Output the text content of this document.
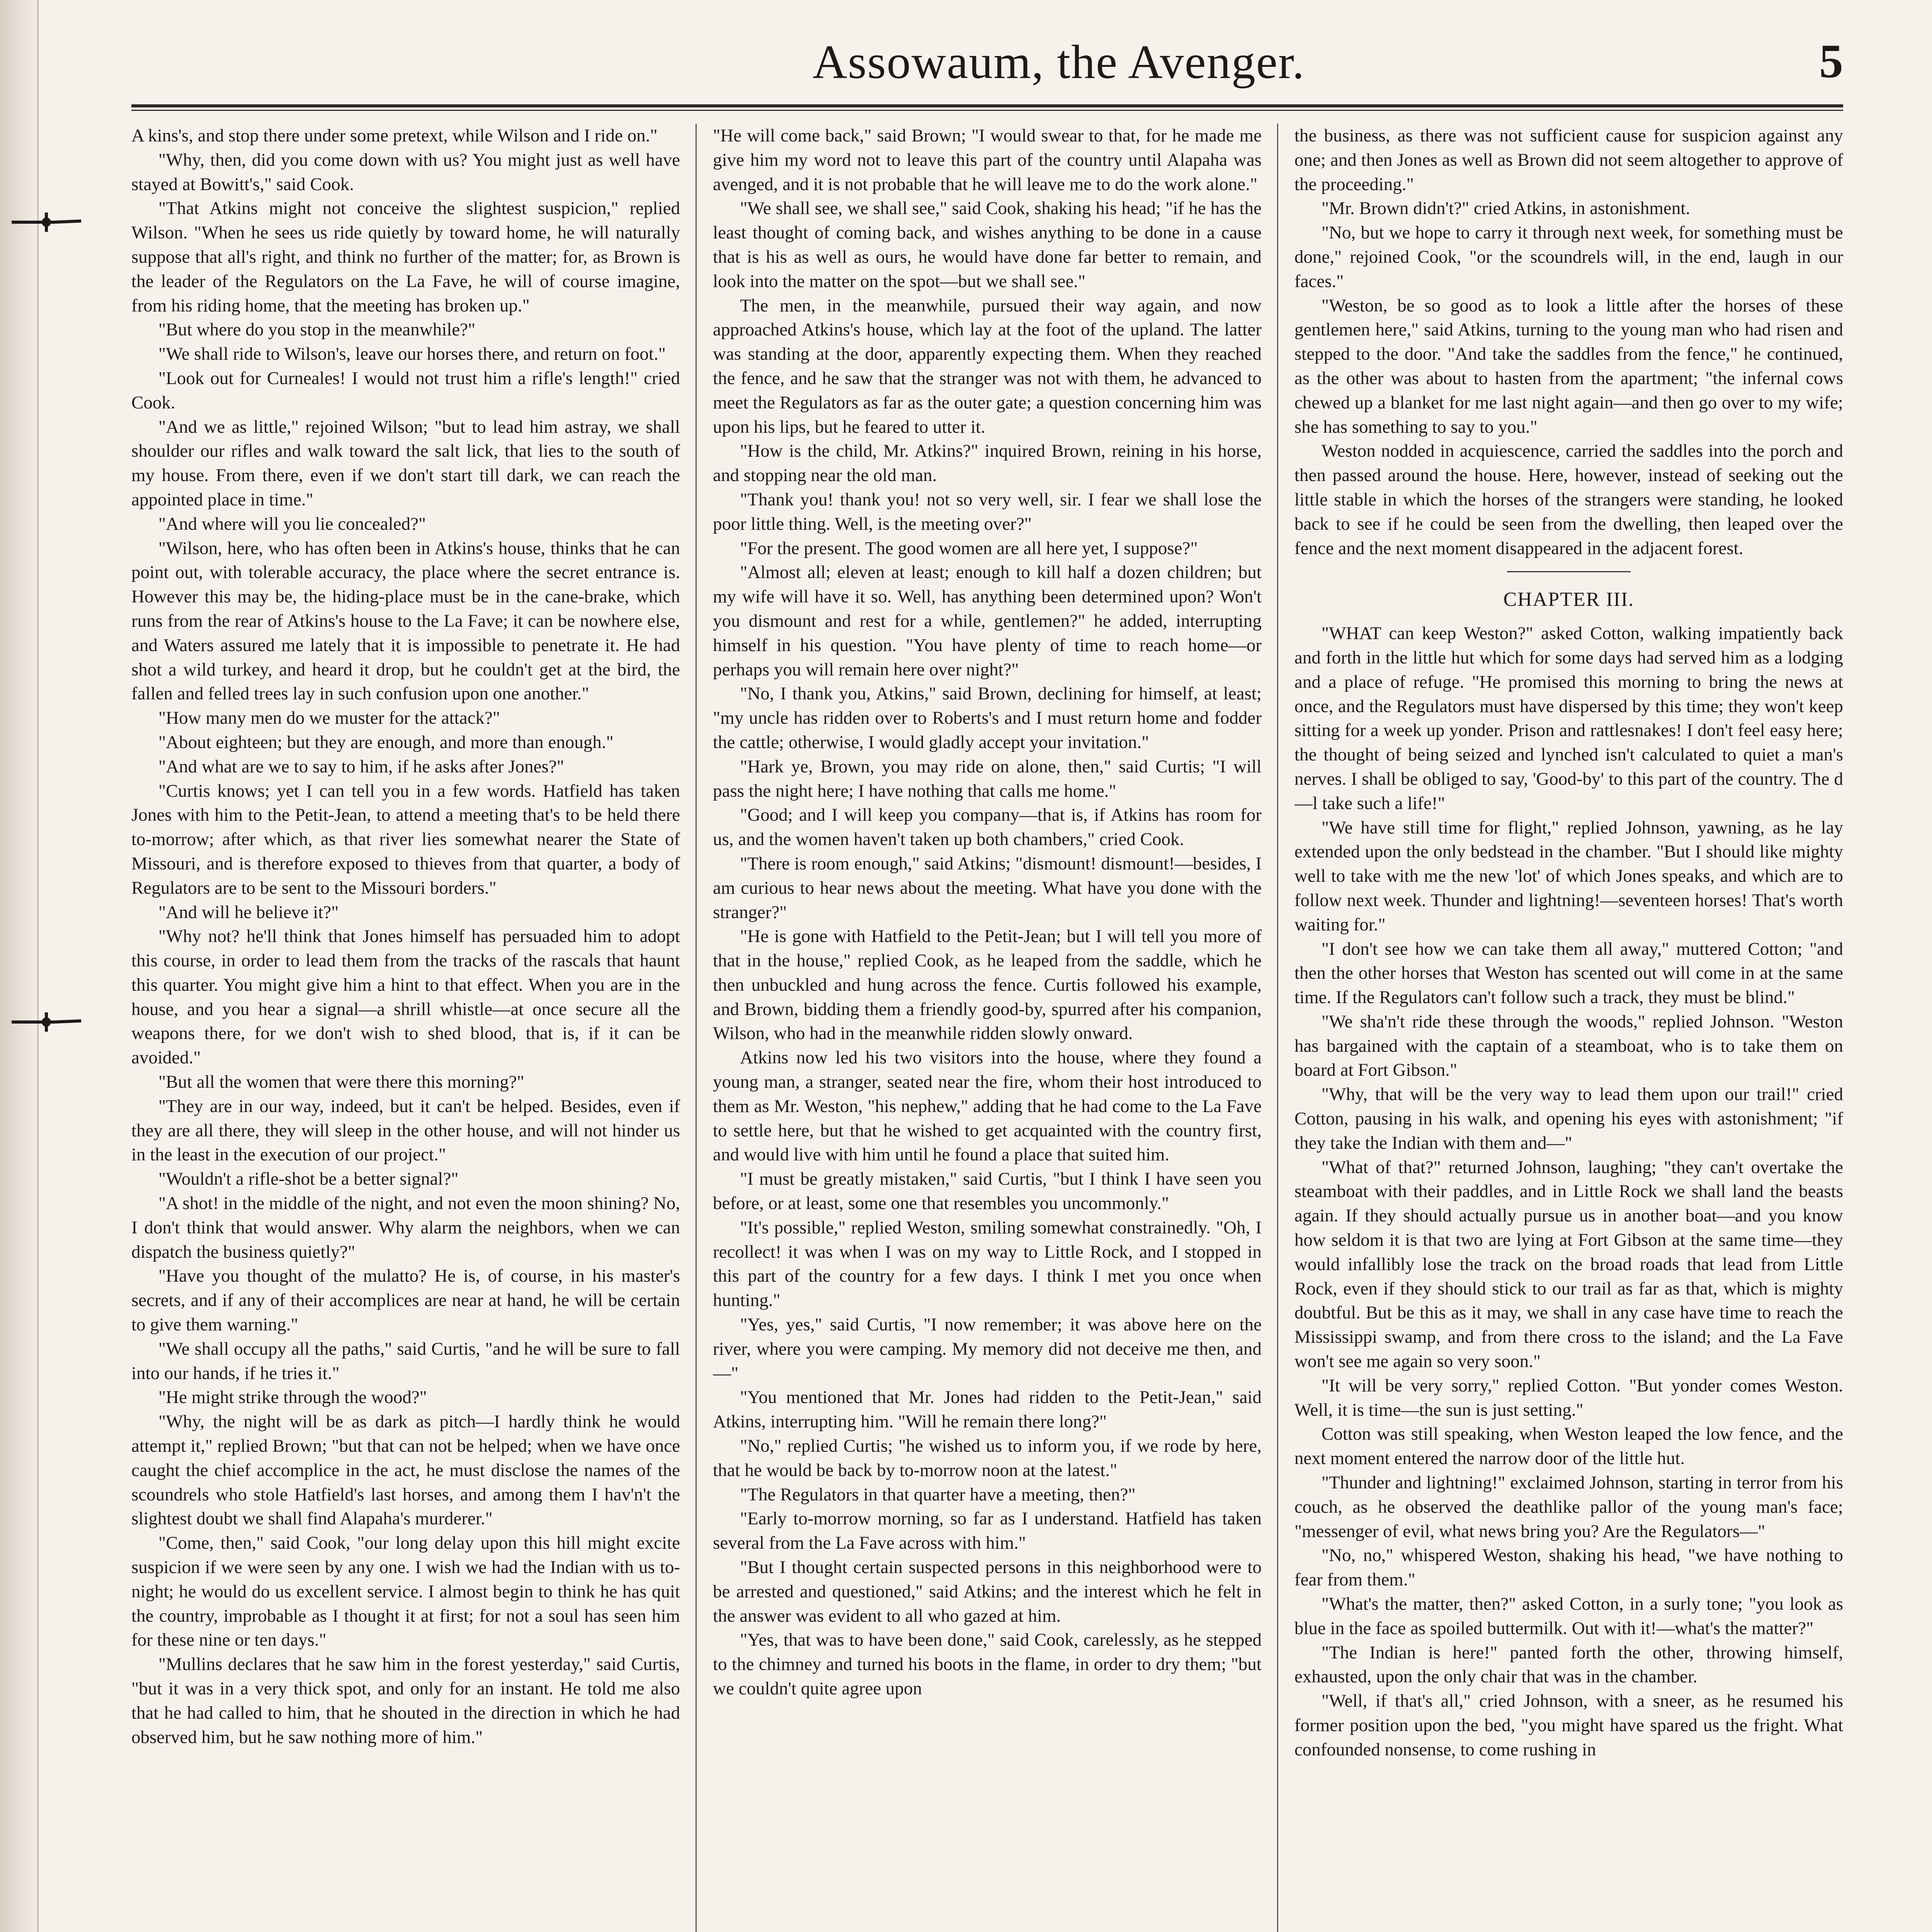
Assowaum, the Avenger.	5

A kins's, and stop there under some pretext, while Wilson and I ride on."

"Why, then, did you come down with us? You might just as well have stayed at Bowitt's," said Cook.

"That Atkins might not conceive the slightest suspicion," replied Wilson. "When he sees us ride quietly by toward home, he will naturally suppose that all's right, and think no further of the matter; for, as Brown is the leader of the Regulators on the La Fave, he will of course imagine, from his riding home, that the meeting has broken up."

"But where do you stop in the meanwhile?"

"We shall ride to Wilson's, leave our horses there, and return on foot."

"Look out for Curneales! I would not trust him a rifle's length!" cried Cook.

"And we as little," rejoined Wilson; "but to lead him astray, we shall shoulder our rifles and walk toward the salt lick, that lies to the south of my house. From there, even if we don't start till dark, we can reach the appointed place in time."

"And where will you lie concealed?"

"Wilson, here, who has often been in Atkins's house, thinks that he can point out, with tolerable accuracy, the place where the secret entrance is. However this may be, the hiding-place must be in the cane-brake, which runs from the rear of Atkins's house to the La Fave; it can be nowhere else, and Waters assured me lately that it is impossible to penetrate it. He had shot a wild turkey, and heard it drop, but he couldn't get at the bird, the fallen and felled trees lay in such confusion upon one another."

"How many men do we muster for the attack?"

"About eighteen; but they are enough, and more than enough."

"And what are we to say to him, if he asks after Jones?"

"Curtis knows; yet I can tell you in a few words. Hatfield has taken Jones with him to the Petit-Jean, to attend a meeting that's to be held there to-morrow; after which, as that river lies somewhat nearer the State of Missouri, and is therefore exposed to thieves from that quarter, a body of Regulators are to be sent to the Missouri borders."

"And will he believe it?"

"Why not? he'll think that Jones himself has persuaded him to adopt this course, in order to lead them from the tracks of the rascals that haunt this quarter. You might give him a hint to that effect. When you are in the house, and you hear a signal—a shrill whistle—at once secure all the weapons there, for we don't wish to shed blood, that is, if it can be avoided."

"But all the women that were there this morning?"

"They are in our way, indeed, but it can't be helped. Besides, even if they are all there, they will sleep in the other house, and will not hinder us in the least in the execution of our project."

"Wouldn't a rifle-shot be a better signal?"

"A shot! in the middle of the night, and not even the moon shining? No, I don't think that would answer. Why alarm the neighbors, when we can dispatch the business quietly?"

"Have you thought of the mulatto? He is, of course, in his master's secrets, and if any of their accomplices are near at hand, he will be certain to give them warning."

"We shall occupy all the paths," said Curtis, "and he will be sure to fall into our hands, if he tries it."

"He might strike through the wood?"

"Why, the night will be as dark as pitch—I hardly think he would attempt it," replied Brown; "but that can not be helped; when we have once caught the chief accomplice in the act, he must disclose the names of the scoundrels who stole Hatfield's last horses, and among them I hav'n't the slightest doubt we shall find Alapaha's murderer."

"Come, then," said Cook, "our long delay upon this hill might excite suspicion if we were seen by any one. I wish we had the Indian with us to-night; he would do us excellent service. I almost begin to think he has quit the country, improbable as I thought it at first; for not a soul has seen him for these nine or ten days."

"Mullins declares that he saw him in the forest yesterday," said Curtis, "but it was in a very thick spot, and only for an instant. He told me also that he had called to him, that he shouted in the direction in which he had observed him, but he saw nothing more of him."

"He will come back," said Brown; "I would swear to that, for he made me give him my word not to leave this part of the country until Alapaha was avenged, and it is not probable that he will leave me to do the work alone."

"We shall see, we shall see," said Cook, shaking his head; "if he has the least thought of coming back, and wishes anything to be done in a cause that is his as well as ours, he would have done far better to remain, and look into the matter on the spot—but we shall see."

The men, in the meanwhile, pursued their way again, and now approached Atkins's house, which lay at the foot of the upland. The latter was standing at the door, apparently expecting them. When they reached the fence, and he saw that the stranger was not with them, he advanced to meet the Regulators as far as the outer gate; a question concerning him was upon his lips, but he feared to utter it.

"How is the child, Mr. Atkins?" inquired Brown, reining in his horse, and stopping near the old man.

"Thank you! thank you! not so very well, sir. I fear we shall lose the poor little thing. Well, is the meeting over?"

"For the present. The good women are all here yet, I suppose?"

"Almost all; eleven at least; enough to kill half a dozen children; but my wife will have it so. Well, has anything been determined upon? Won't you dismount and rest for a while, gentlemen?" he added, interrupting himself in his question. "You have plenty of time to reach home—or perhaps you will remain here over night?"

"No, I thank you, Atkins," said Brown, declining for himself, at least; "my uncle has ridden over to Roberts's and I must return home and fodder the cattle; otherwise, I would gladly accept your invitation."

"Hark ye, Brown, you may ride on alone, then," said Curtis; "I will pass the night here; I have nothing that calls me home."

"Good; and I will keep you company—that is, if Atkins has room for us, and the women haven't taken up both chambers," cried Cook.

"There is room enough," said Atkins; "dismount! dismount!—besides, I am curious to hear news about the meeting. What have you done with the stranger?"

"He is gone with Hatfield to the Petit-Jean; but I will tell you more of that in the house," replied Cook, as he leaped from the saddle, which he then unbuckled and hung across the fence. Curtis followed his example, and Brown, bidding them a friendly good-by, spurred after his companion, Wilson, who had in the meanwhile ridden slowly onward.

Atkins now led his two visitors into the house, where they found a young man, a stranger, seated near the fire, whom their host introduced to them as Mr. Weston, "his nephew," adding that he had come to the La Fave to settle here, but that he wished to get acquainted with the country first, and would live with him until he found a place that suited him.

"I must be greatly mistaken," said Curtis, "but I think I have seen you before, or at least, some one that resembles you uncommonly."

"It's possible," replied Weston, smiling somewhat constrainedly. "Oh, I recollect! it was when I was on my way to Little Rock, and I stopped in this part of the country for a few days. I think I met you once when hunting."

"Yes, yes," said Curtis, "I now remember; it was above here on the river, where you were camping. My memory did not deceive me then, and—"

"You mentioned that Mr. Jones had ridden to the Petit-Jean," said Atkins, interrupting him. "Will he remain there long?"

"No," replied Curtis; "he wished us to inform you, if we rode by here, that he would be back by to-morrow noon at the latest."

"The Regulators in that quarter have a meeting, then?"

"Early to-morrow morning, so far as I understand. Hatfield has taken several from the La Fave across with him."

"But I thought certain suspected persons in this neighborhood were to be arrested and questioned," said Atkins; and the interest which he felt in the answer was evident to all who gazed at him.

"Yes, that was to have been done," said Cook, carelessly, as he stepped to the chimney and turned his boots in the flame, in order to dry them; "but we couldn't quite agree upon

the business, as there was not sufficient cause for suspicion against any one; and then Jones as well as Brown did not seem altogether to approve of the proceeding."

"Mr. Brown didn't?" cried Atkins, in astonishment.

"No, but we hope to carry it through next week, for something must be done," rejoined Cook, "or the scoundrels will, in the end, laugh in our faces."

"Weston, be so good as to look a little after the horses of these gentlemen here," said Atkins, turning to the young man who had risen and stepped to the door. "And take the saddles from the fence," he continued, as the other was about to hasten from the apartment; "the infernal cows chewed up a blanket for me last night again—and then go over to my wife; she has something to say to you."

Weston nodded in acquiescence, carried the saddles into the porch and then passed around the house. Here, however, instead of seeking out the little stable in which the horses of the strangers were standing, he looked back to see if he could be seen from the dwelling, then leaped over the fence and the next moment disappeared in the adjacent forest.

CHAPTER III.

"WHAT can keep Weston?" asked Cotton, walking impatiently back and forth in the little hut which for some days had served him as a lodging and a place of refuge. "He promised this morning to bring the news at once, and the Regulators must have dispersed by this time; they won't keep sitting for a week up yonder. Prison and rattlesnakes! I don't feel easy here; the thought of being seized and lynched isn't calculated to quiet a man's nerves. I shall be obliged to say, 'Good-by' to this part of the country. The d—l take such a life!"

"We have still time for flight," replied Johnson, yawning, as he lay extended upon the only bedstead in the chamber. "But I should like mighty well to take with me the new 'lot' of which Jones speaks, and which are to follow next week. Thunder and lightning!—seventeen horses! That's worth waiting for."

"I don't see how we can take them all away," muttered Cotton; "and then the other horses that Weston has scented out will come in at the same time. If the Regulators can't follow such a track, they must be blind."

"We sha'n't ride these through the woods," replied Johnson. "Weston has bargained with the captain of a steamboat, who is to take them on board at Fort Gibson."

"Why, that will be the very way to lead them upon our trail!" cried Cotton, pausing in his walk, and opening his eyes with astonishment; "if they take the Indian with them and—"

"What of that?" returned Johnson, laughing; "they can't overtake the steamboat with their paddles, and in Little Rock we shall land the beasts again. If they should actually pursue us in another boat—and you know how seldom it is that two are lying at Fort Gibson at the same time—they would infallibly lose the track on the broad roads that lead from Little Rock, even if they should stick to our trail as far as that, which is mighty doubtful. But be this as it may, we shall in any case have time to reach the Mississippi swamp, and from there cross to the island; and the La Fave won't see me again so very soon."

"It will be very sorry," replied Cotton. "But yonder comes Weston. Well, it is time—the sun is just setting."

Cotton was still speaking, when Weston leaped the low fence, and the next moment entered the narrow door of the little hut.

"Thunder and lightning!" exclaimed Johnson, starting in terror from his couch, as he observed the deathlike pallor of the young man's face; "messenger of evil, what news bring you? Are the Regulators—"

"No, no," whispered Weston, shaking his head, "we have nothing to fear from them."

"What's the matter, then?" asked Cotton, in a surly tone; "you look as blue in the face as spoiled buttermilk. Out with it!—what's the matter?"

"The Indian is here!" panted forth the other, throwing himself, exhausted, upon the only chair that was in the chamber.

"Well, if that's all," cried Johnson, with a sneer, as he resumed his former position upon the bed, "you might have spared us the fright. What confounded nonsense, to come rushing in
